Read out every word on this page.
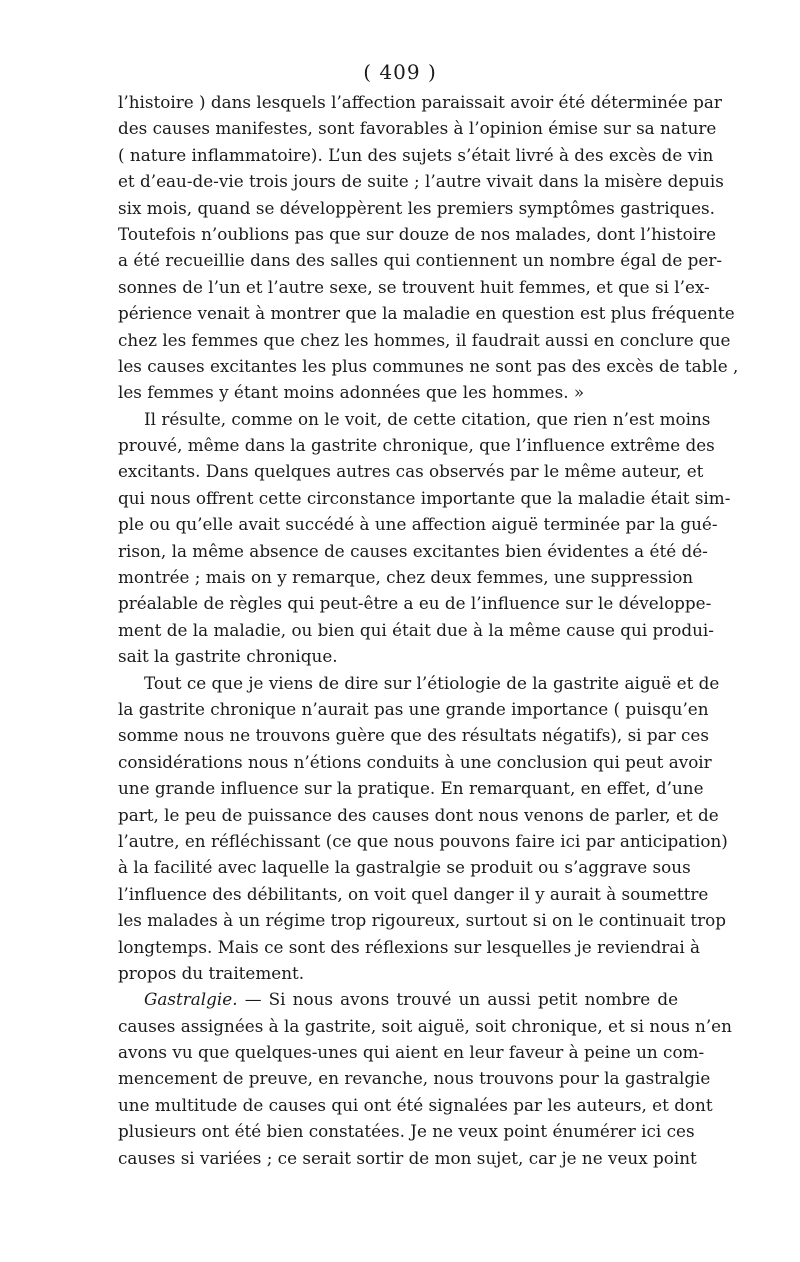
( 409 )

l’histoire ) dans lesquels l’affection paraissait avoir été déterminée par
des causes manifestes, sont favorables à l’opinion émise sur sa nature
( nature inflammatoire). L’un des sujets s’était livré à des excès de vin
et d’eau-de-vie trois jours de suite ; l’autre vivait dans la misère depuis
six mois, quand se développèrent les premiers symptômes gastriques.
Toutefois n’oublions pas que sur douze de nos malades, dont l’histoire
a été recueillie dans des salles qui contiennent un nombre égal de per-
sonnes de l’un et l’autre sexe, se trouvent huit femmes, et que si l’ex-
périence venait à montrer que la maladie en question est plus fréquente
chez les femmes que chez les hommes, il faudrait aussi en conclure que
les causes excitantes les plus communes ne sont pas des excès de table ,
les femmes y étant moins adonnées que les hommes. »
Il résulte, comme on le voit, de cette citation, que rien n’est moins
prouvé, même dans la gastrite chronique, que l’influence extrême des
excitants. Dans quelques autres cas observés par le même auteur, et
qui nous offrent cette circonstance importante que la maladie était sim-
ple ou qu’elle avait succédé à une affection aiguë terminée par la gué-
rison, la même absence de causes excitantes bien évidentes a été dé-
montrée ; mais on y remarque, chez deux femmes, une suppression
préalable de règles qui peut-être a eu de l’influence sur le développe-
ment de la maladie, ou bien qui était due à la même cause qui produi-
sait la gastrite chronique.
Tout ce que je viens de dire sur l’étiologie de la gastrite aiguë et de
la gastrite chronique n’aurait pas une grande importance ( puisqu’en
somme nous ne trouvons guère que des résultats négatifs), si par ces
considérations nous n’étions conduits à une conclusion qui peut avoir
une grande influence sur la pratique. En remarquant, en effet, d’une
part, le peu de puissance des causes dont nous venons de parler, et de
l’autre, en réfléchissant (ce que nous pouvons faire ici par anticipation)
à la facilité avec laquelle la gastralgie se produit ou s’aggrave sous
l’influence des débilitants, on voit quel danger il y aurait à soumettre
les malades à un régime trop rigoureux, surtout si on le continuait trop
longtemps. Mais ce sont des réflexions sur lesquelles je reviendrai à
propos du traitement.
Gastralgie. — Si nous avons trouvé un aussi petit nombre de
causes assignées à la gastrite, soit aiguë, soit chronique, et si nous n’en
avons vu que quelques-unes qui aient en leur faveur à peine un com-
mencement de preuve, en revanche, nous trouvons pour la gastralgie
une multitude de causes qui ont été signalées par les auteurs, et dont
plusieurs ont été bien constatées. Je ne veux point énumérer ici ces
causes si variées ; ce serait sortir de mon sujet, car je ne veux point
